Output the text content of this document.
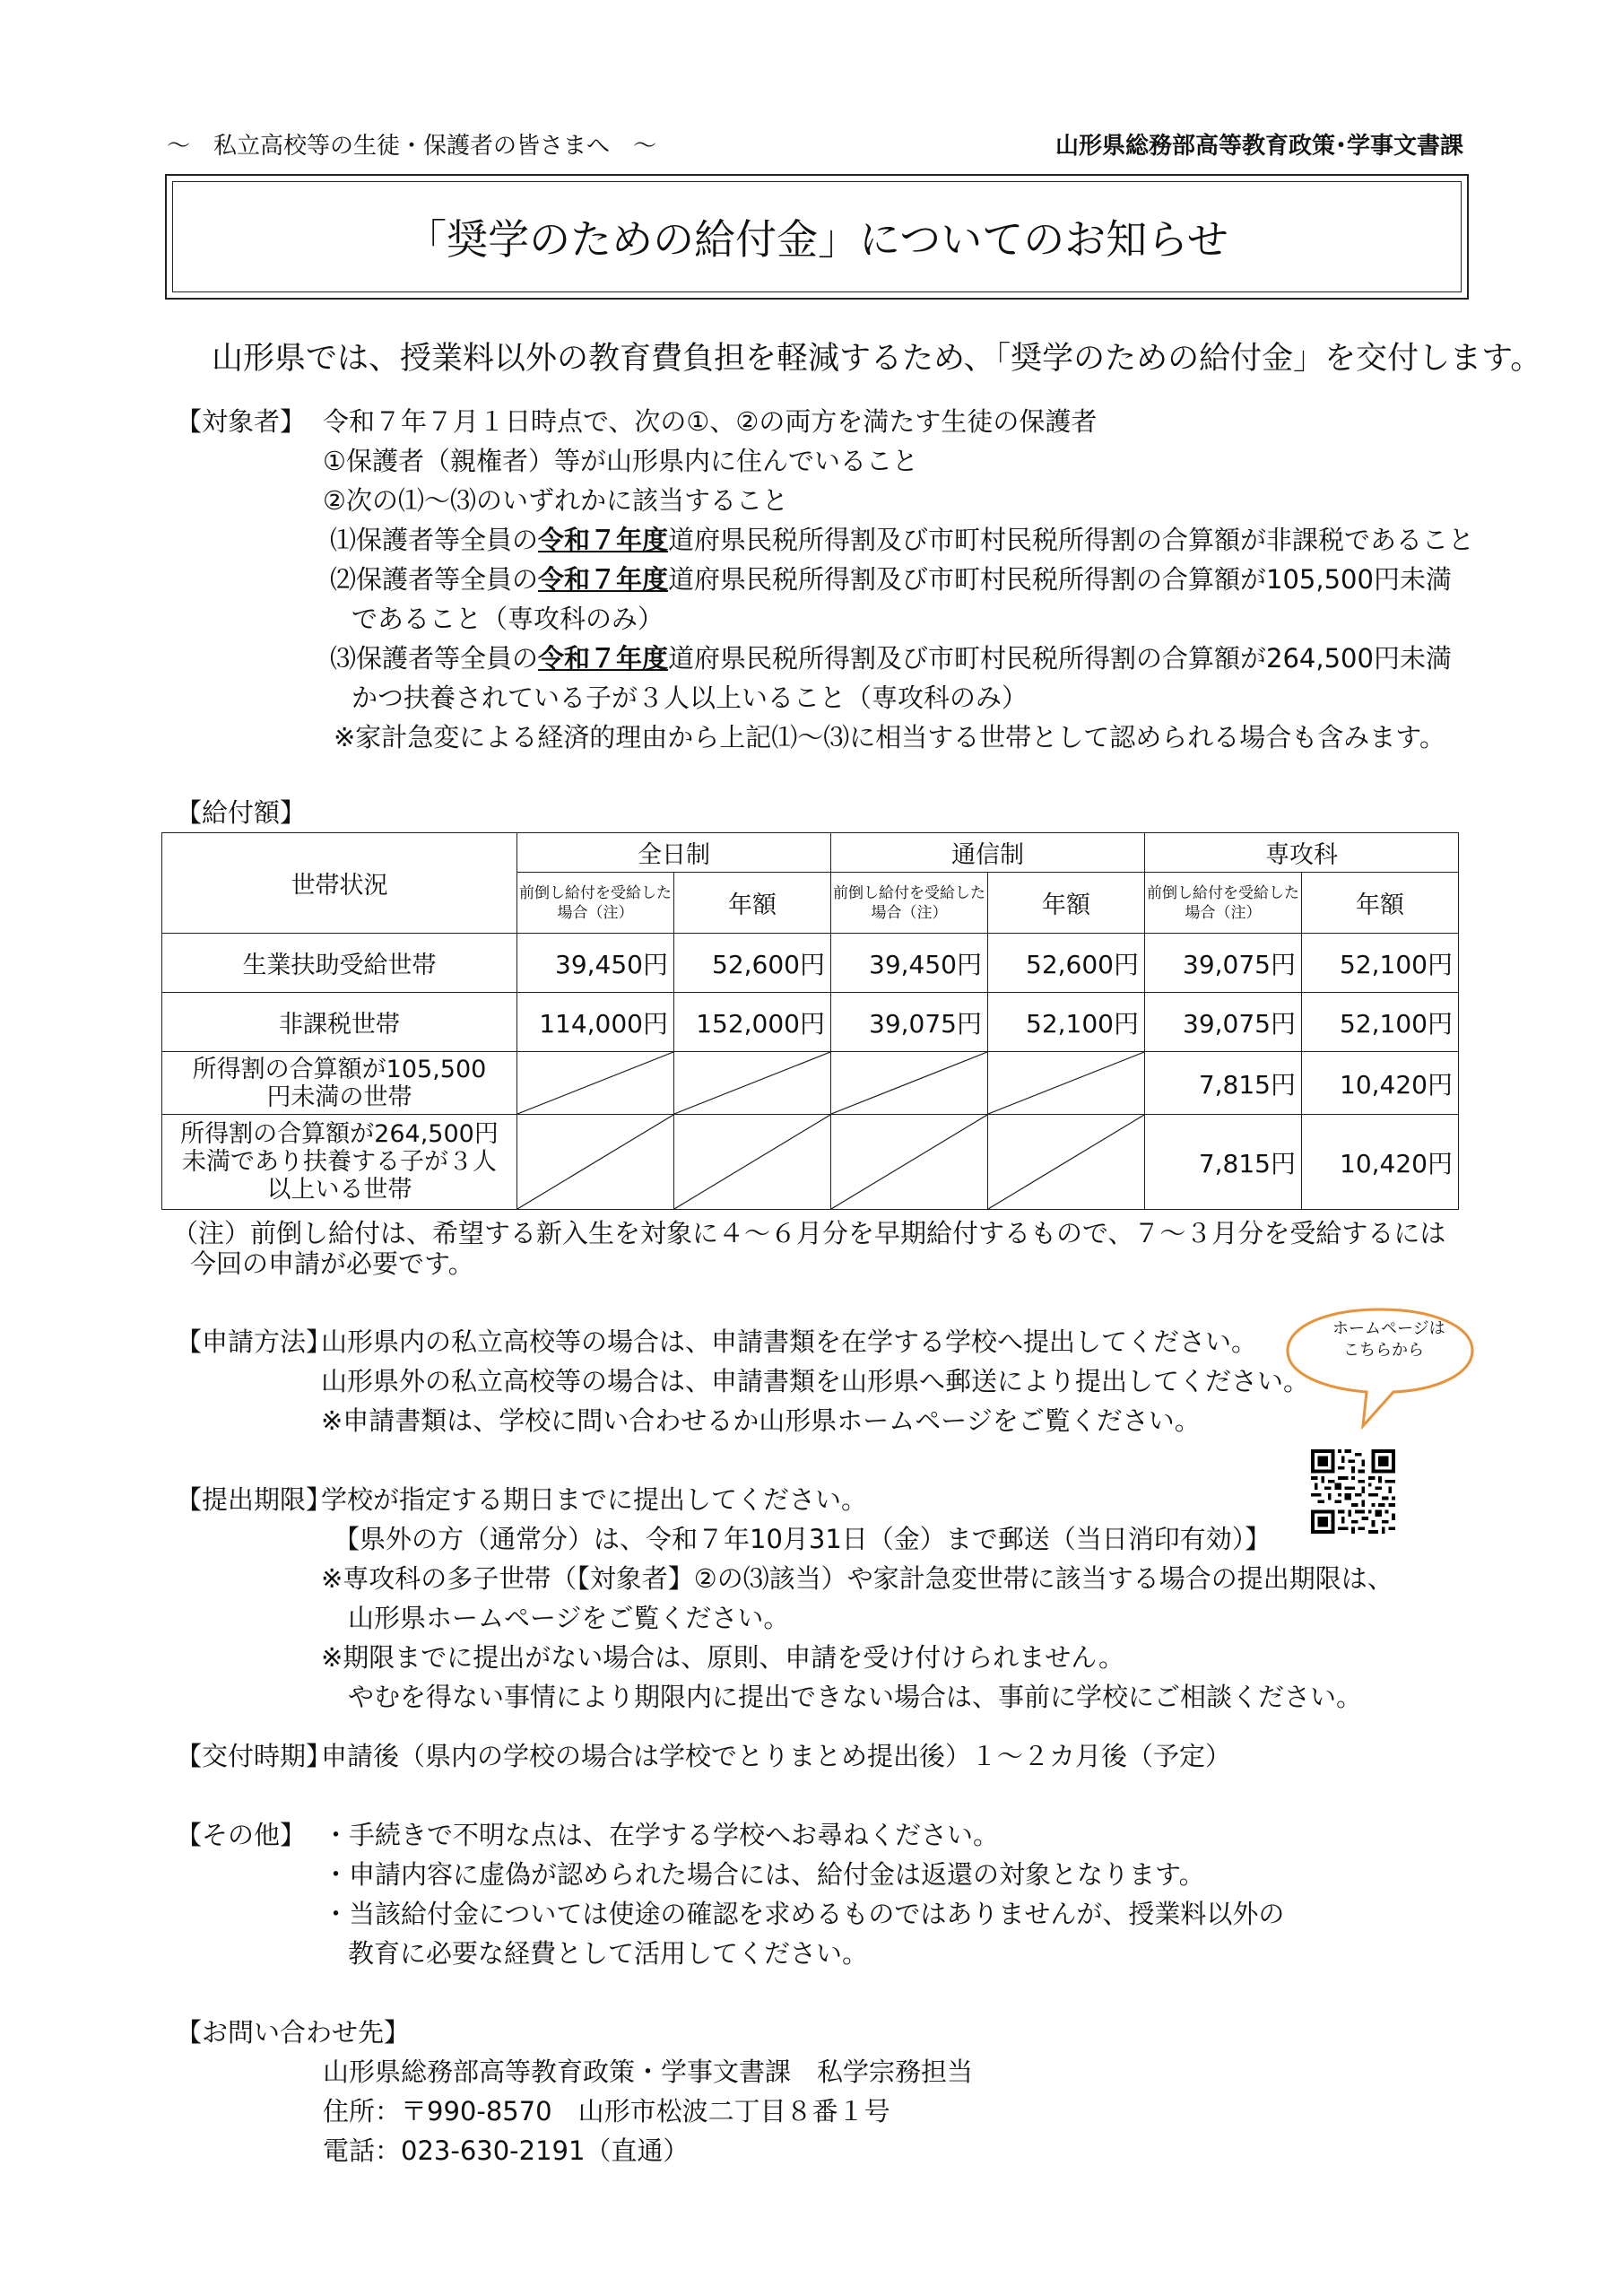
～　私立高校等の生徒・保護者の皆さまへ　～	山形県総務部高等教育政策･学事文書課
「奨学のための給付金」についてのお知らせ
山形県では、授業料以外の教育費負担を軽減するため、「奨学のための給付金」を交付します。
【対象者】 令和７年７月１日時点で、次の①、②の両方を満たす生徒の保護者
①保護者（親権者）等が山形県内に住んでいること
②次の⑴～⑶のいずれかに該当すること
⑴保護者等全員の令和７年度道府県民税所得割及び市町村民税所得割の合算額が非課税であること
⑵保護者等全員の令和７年度道府県民税所得割及び市町村民税所得割の合算額が105,500円未満
であること（専攻科のみ）
⑶保護者等全員の令和７年度道府県民税所得割及び市町村民税所得割の合算額が264,500円未満
かつ扶養されている子が３人以上いること（専攻科のみ）
※家計急変による経済的理由から上記⑴～⑶に相当する世帯として認められる場合も含みます。
【給付額】
世帯状況	全日制		通信制		専攻科	
	前倒し給付を受給した場合（注）	年額	前倒し給付を受給した場合（注）	年額	前倒し給付を受給した場合（注）	年額
生業扶助受給世帯	39,450円	52,600円	39,450円	52,600円	39,075円	52,100円
非課税世帯	114,000円	152,000円	39,075円	52,100円	39,075円	52,100円
所得割の合算額が105,500円未満の世帯					7,815円	10,420円
所得割の合算額が264,500円未満であり扶養する子が３人以上いる世帯					7,815円	10,420円
（注）前倒し給付は、希望する新入生を対象に４～６月分を早期給付するもので、７～３月分を受給するには
今回の申請が必要です。
【申請方法】
山形県内の私立高校等の場合は、申請書類を在学する学校へ提出してください。
山形県外の私立高校等の場合は、申請書類を山形県へ郵送により提出してください。
※申請書類は、学校に問い合わせるか山形県ホームページをご覧ください。
ホームページは
こちらから
【提出期限】
学校が指定する期日までに提出してください。
【県外の方（通常分）は、令和７年10月31日（金）まで郵送（当日消印有効）】
※専攻科の多子世帯（【対象者】②の⑶該当）や家計急変世帯に該当する場合の提出期限は、
山形県ホームページをご覧ください。
※期限までに提出がない場合は、原則、申請を受け付けられません。
やむを得ない事情により期限内に提出できない場合は、事前に学校にご相談ください。
【交付時期】
申請後（県内の学校の場合は学校でとりまとめ提出後）１～２カ月後（予定）
【その他】 ・手続きで不明な点は、在学する学校へお尋ねください。
・申請内容に虚偽が認められた場合には、給付金は返還の対象となります。
・当該給付金については使途の確認を求めるものではありませんが、授業料以外の
教育に必要な経費として活用してください。
【お問い合わせ先】
山形県総務部高等教育政策・学事文書課　私学宗務担当
住所：〒990-8570　山形市松波二丁目８番１号
電話：023-630-2191（直通）
